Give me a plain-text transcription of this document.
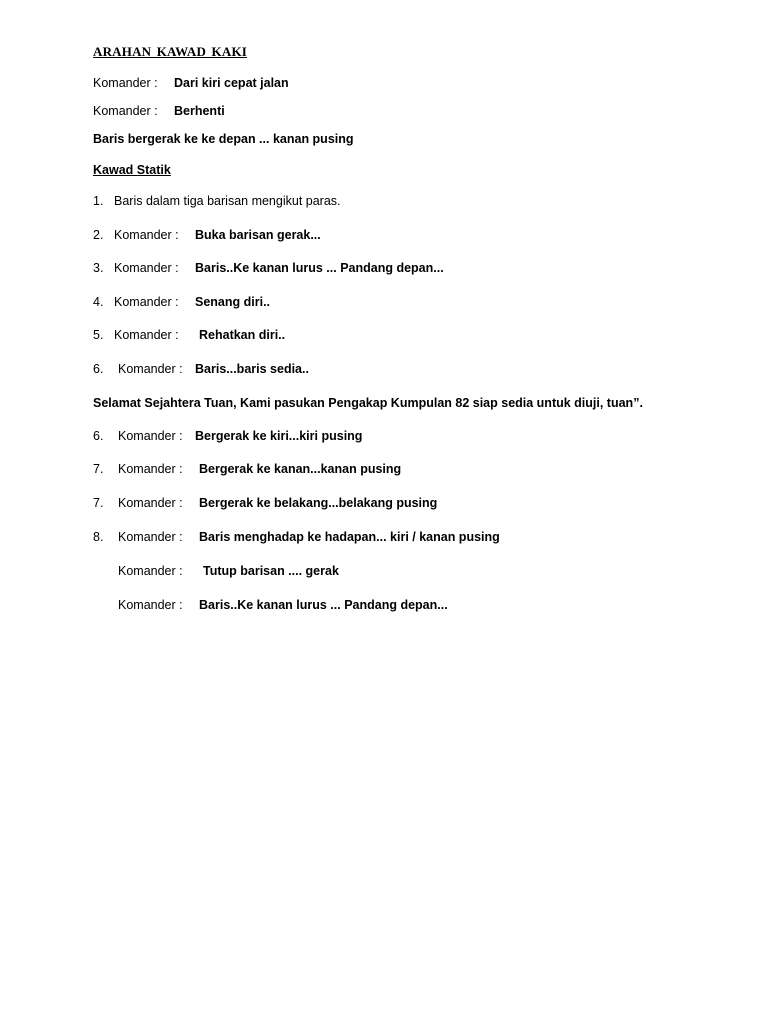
ARAHAN KAWAD KAKI
Komander : Dari kiri cepat jalan
Komander : Berhenti
Baris bergerak ke ke depan ... kanan pusing
Kawad Statik
1. Baris dalam tiga barisan mengikut paras.
2. Komander : Buka barisan gerak...
3. Komander : Baris..Ke kanan lurus ... Pandang depan...
4. Komander : Senang diri..
5. Komander : Rehatkan diri..
6. Komander : Baris...baris sedia..
Selamat Sejahtera Tuan, Kami pasukan Pengakap Kumpulan 82 siap sedia untuk diuji, tuan”.
6. Komander : Bergerak ke kiri...kiri pusing
7. Komander : Bergerak ke kanan...kanan pusing
7. Komander : Bergerak ke belakang...belakang pusing
8. Komander : Baris menghadap ke hadapan... kiri / kanan pusing
Komander : Tutup barisan .... gerak
Komander : Baris..Ke kanan lurus ... Pandang depan...
